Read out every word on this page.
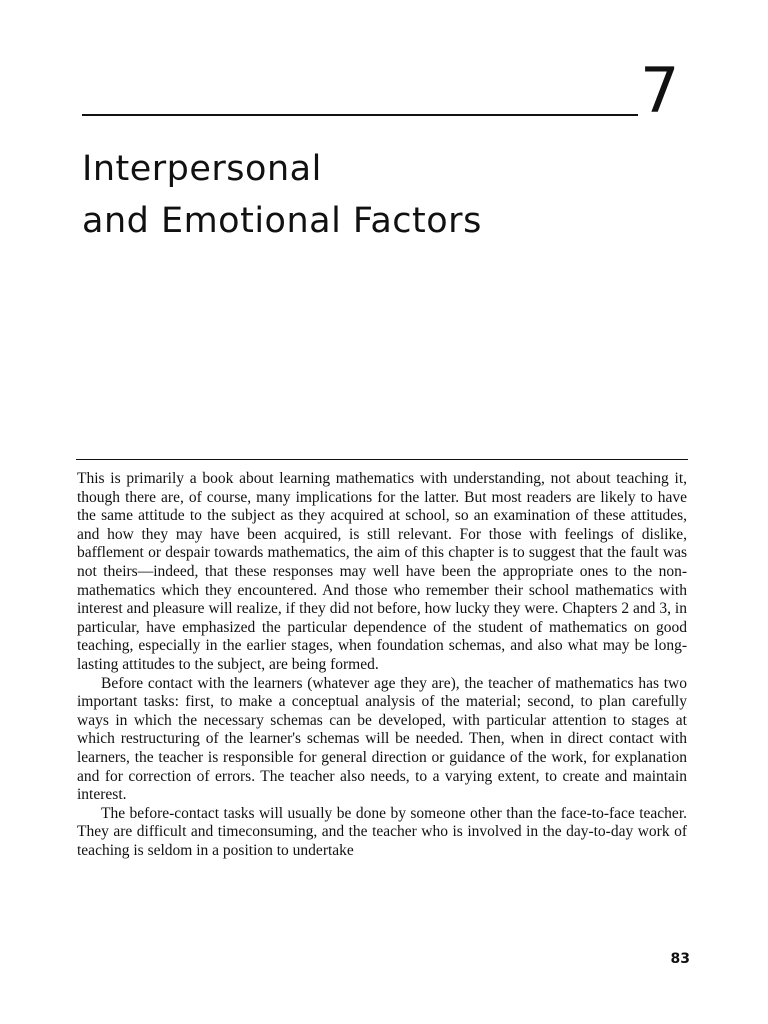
7
Interpersonal
and Emotional Factors

This is primarily a book about learning mathematics with understanding, not about teaching it, though there are, of course, many implications for the latter. But most readers are likely to have the same attitude to the subject as they acquired at school, so an examination of these attitudes, and how they may have been acquired, is still relevant. For those with feelings of dislike, bafflement or despair towards mathematics, the aim of this chapter is to suggest that the fault was not theirs—indeed, that these responses may well have been the appropriate ones to the non-mathematics which they encountered. And those who remember their school mathematics with interest and pleasure will realize, if they did not before, how lucky they were. Chapters 2 and 3, in particular, have emphasized the particular dependence of the student of mathematics on good teaching, especially in the earlier stages, when foundation schemas, and also what may be long-lasting attitudes to the subject, are being formed.

Before contact with the learners (whatever age they are), the teacher of mathematics has two important tasks: first, to make a conceptual analysis of the material; second, to plan carefully ways in which the necessary schemas can be developed, with particular attention to stages at which restructuring of the learner's schemas will be needed. Then, when in direct contact with learners, the teacher is responsible for general direction or guidance of the work, for explanation and for correction of errors. The teacher also needs, to a varying extent, to create and maintain interest.

The before-contact tasks will usually be done by someone other than the face-to-face teacher. They are difficult and timeconsuming, and the teacher who is involved in the day-to-day work of teaching is seldom in a position to undertake

83
